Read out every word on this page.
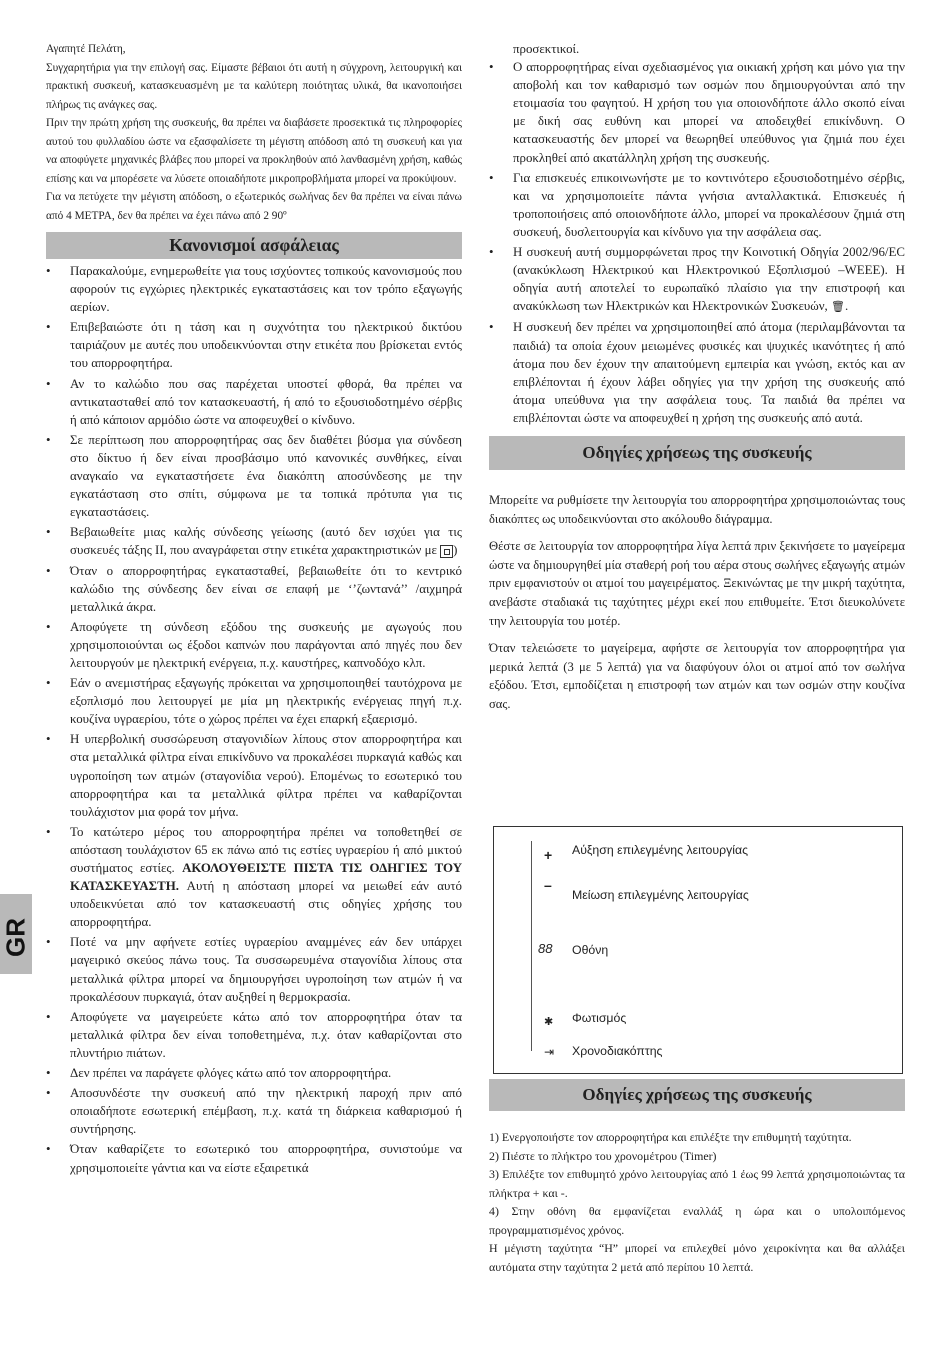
Αγαπητέ Πελάτη,

Συγχαρητήρια για την επιλογή σας. Είμαστε βέβαιοι ότι αυτή η σύγχρονη, λειτουργική και πρακτική συσκευή, κατασκευασμένη με τα καλύτερη ποιότητας υλικά, θα ικανοποιήσει πλήρως τις ανάγκες σας.

Πριν την πρώτη χρήση της συσκευής, θα πρέπει να διαβάσετε προσεκτικά τις πληροφορίες αυτού του φυλλαδίου ώστε να εξασφαλίσετε τη μέγιστη απόδοση από τη συσκευή και για να αποφύγετε μηχανικές βλάβες που μπορεί να προκληθούν από λανθασμένη χρήση, καθώς επίσης και να μπορέσετε να λύσετε οποιαδήποτε μικροπροβλήματα μπορεί να προκύψουν.

Για να πετύχετε την μέγιστη απόδοση, ο εξωτερικός σωλήνας δεν θα πρέπει να είναι πάνω από 4 ΜΕΤΡΑ, δεν θα πρέπει να έχει πάνω από 2 90º

Κανονισμοί ασφάλειας
• Παρακαλούμε, ενημερωθείτε για τους ισχύοντες τοπικούς κανονισμούς που αφορούν τις εγχώριες ηλεκτρικές εγκαταστάσεις και τον τρόπο εξαγωγής αερίων.
• Επιβεβαιώστε ότι η τάση και η συχνότητα του ηλεκτρικού δικτύου ταιριάζουν με αυτές που υποδεικνύονται στην ετικέτα που βρίσκεται εντός του απορροφητήρα.
• Αν το καλώδιο που σας παρέχεται υποστεί φθορά, θα πρέπει να αντικατασταθεί από τον κατασκευαστή, ή από το εξουσιοδοτημένο σέρβις ή από κάποιον αρμόδιο ώστε να αποφευχθεί ο κίνδυνο.
• Σε περίπτωση που απορροφητήρας σας δεν διαθέτει βύσμα για σύνδεση στο δίκτυο ή δεν είναι προσβάσιμο υπό κανονικές συνθήκες, είναι αναγκαίο να εγκαταστήσετε ένα διακόπτη αποσύνδεσης με την εγκατάσταση στο σπίτι, σύμφωνα με τα τοπικά πρότυπα για τις εγκαταστάσεις.
• Βεβαιωθείτε μιας καλής σύνδεσης γείωσης (αυτό δεν ισχύει για τις συσκευές τάξης ΙΙ, που αναγράφεται στην ετικέτα χαρακτηριστικών με )
• Όταν ο απορροφητήρας εγκατασταθεί, βεβαιωθείτε ότι το κεντρικό καλώδιο της σύνδεσης δεν είναι σε επαφή με ‘’ζωντανά’’ /αιχμηρά μεταλλικά άκρα.
• Αποφύγετε τη σύνδεση εξόδου της συσκευής με αγωγούς που χρησιμοποιούνται ως έξοδοι καπνών που παράγονται από πηγές που δεν λειτουργούν με ηλεκτρική ενέργεια, π.χ. καυστήρες, καπνοδόχο κλπ.
• Εάν ο ανεμιστήρας εξαγωγής πρόκειται να χρησιμοποιηθεί ταυτόχρονα με εξοπλισμό που λειτουργεί με μία μη ηλεκτρικής ενέργειας πηγή π.χ. κουζίνα υγραερίου, τότε ο χώρος πρέπει να έχει επαρκή εξαερισμό.
• Η υπερβολική συσσώρευση σταγονιδίων λίπους στον απορροφητήρα και στα μεταλλικά φίλτρα είναι επικίνδυνο να προκαλέσει πυρκαγιά καθώς και υγροποίηση των ατμών (σταγονίδια νερού). Επομένως το εσωτερικό του απορροφητήρα και τα μεταλλικά φίλτρα πρέπει να καθαρίζονται τουλάχιστον μια φορά τον μήνα.
• Το κατώτερο μέρος του απορροφητήρα πρέπει να τοποθετηθεί σε απόσταση τουλάχιστον 65 εκ πάνω από τις εστίες υγραερίου ή από μικτού συστήματος εστίες. ΑΚΟΛΟΥΘΕΙΣΤΕ ΠΙΣΤΑ ΤΙΣ ΟΔΗΓΙΕΣ ΤΟΥ ΚΑΤΑΣΚΕΥΑΣΤΗ. Αυτή η απόσταση μπορεί να μειωθεί εάν αυτό υποδεικνύεται από τον κατασκευαστή στις οδηγίες χρήσης του απορροφητήρα.
• Ποτέ να μην αφήνετε εστίες υγραερίου αναμμένες εάν δεν υπάρχει μαγειρικό σκεύος πάνω τους. Τα συσσωρευμένα σταγονίδια λίπους στα μεταλλικά φίλτρα μπορεί να δημιουργήσει υγροποίηση των ατμών ή να προκαλέσουν πυρκαγιά, όταν αυξηθεί η θερμοκρασία.
• Αποφύγετε να μαγειρεύετε κάτω από τον απορροφητήρα όταν τα μεταλλικά φίλτρα δεν είναι τοποθετημένα, π.χ. όταν καθαρίζονται στο πλυντήριο πιάτων.
• Δεν πρέπει να παράγετε φλόγες κάτω από τον απορροφητήρα.
• Αποσυνδέστε την συσκευή από την ηλεκτρική παροχή πριν από οποιαδήποτε εσωτερική επέμβαση, π.χ. κατά τη διάρκεια καθαρισμού ή συντήρησης.
• Όταν καθαρίζετε το εσωτερικό του απορροφητήρα, συνιστούμε να χρησιμοποιείτε γάντια και να είστε εξαιρετικά
προσεκτικοί.
• Ο απορροφητήρας είναι σχεδιασμένος για οικιακή χρήση και μόνο για την αποβολή και τον καθαρισμό των οσμών που δημιουργούνται από την ετοιμασία του φαγητού. Η χρήση του για οποιονδήποτε άλλο σκοπό είναι με δική σας ευθύνη και μπορεί να αποδειχθεί επικίνδυνη. Ο κατασκευαστής δεν μπορεί να θεωρηθεί υπεύθυνος για ζημιά που έχει προκληθεί από ακατάλληλη χρήση της συσκευής.
• Για επισκευές επικοινωνήστε με το κοντινότερο εξουσιοδοτημένο σέρβις, και να χρησιμοποιείτε πάντα γνήσια ανταλλακτικά. Επισκευές ή τροποποιήσεις από οποιονδήποτε άλλο, μπορεί να προκαλέσουν ζημιά στη συσκευή, δυσλειτουργία και κίνδυνο για την ασφάλεια σας.
• Η συσκευή αυτή συμμορφώνεται προς την Κοινοτική Οδηγία 2002/96/EC (ανακύκλωση Ηλεκτρικού και Ηλεκτρονικού Εξοπλισμού –WEEE). Η οδηγία αυτή αποτελεί το ευρωπαϊκό πλαίσιο για την επιστροφή και ανακύκλωση των Ηλεκτρικών και Ηλεκτρονικών Συσκευών, 🗑.
• Η συσκευή δεν πρέπει να χρησιμοποιηθεί από άτομα (περιλαμβάνονται τα παιδιά) τα οποία έχουν μειωμένες φυσικές και ψυχικές ικανότητες ή από άτομα που δεν έχουν την απαιτούμενη εμπειρία και γνώση, εκτός και αν επιβλέπονται ή έχουν λάβει οδηγίες για την χρήση της συσκευής από άτομα υπεύθυνα για την ασφάλεια τους. Τα παιδιά θα πρέπει να επιβλέπονται ώστε να αποφευχθεί η χρήση της συσκευής από αυτά.
Οδηγίες χρήσεως της συσκευής

Μπορείτε να ρυθμίσετε την λειτουργία του απορροφητήρα χρησιμοποιώντας τους διακόπτες ως υποδεικνύονται στο ακόλουθο διάγραμμα.

Θέστε σε λειτουργία τον απορροφητήρα λίγα λεπτά πριν ξεκινήσετε το μαγείρεμα ώστε να δημιουργηθεί μία σταθερή ροή του αέρα στους σωλήνες εξαγωγής ατμών πριν εμφανιστούν οι ατμοί του μαγειρέματος. Ξεκινώντας με την μικρή ταχύτητα, ανεβάστε σταδιακά τις ταχύτητες μέχρι εκεί που επιθυμείτε. Έτσι διευκολύνετε την λειτουργία του μοτέρ.

Όταν τελειώσετε το μαγείρεμα, αφήστε σε λειτουργία τον απορροφητήρα για μερικά λεπτά (3 με 5 λεπτά) για να διαφύγουν όλοι οι ατμοί από τον σωλήνα εξόδου. Έτσι, εμποδίζεται η επιστροφή των ατμών και των οσμών στην κουζίνα σας.

+ Αύξηση επιλεγμένης λειτουργίας
–
Μείωση επιλεγμένης λειτουργίας
88 Οθόνη
✱ Φωτισμός
⇥ Χρονοδιακόπτης
Οδηγίες χρήσεως της συσκευής

1) Ενεργοποιήστε τον απορροφητήρα και επιλέξτε την επιθυμητή ταχύτητα.

2) Πιέστε το πλήκτρο του χρονομέτρου (Timer)

3) Επιλέξτε τον επιθυμητό χρόνο λειτουργίας από 1 έως 99 λεπτά χρησιμοποιώντας τα πλήκτρα + και -.

4) Στην οθόνη θα εμφανίζεται εναλλάξ η ώρα και ο υπολοιπόμενος προγραμματισμένος χρόνος.

Η μέγιστη ταχύτητα “H” μπορεί να επιλεχθεί μόνο χειροκίνητα και θα αλλάξει αυτόματα στην ταχύτητα 2 μετά από περίπου 10 λεπτά.

GR
